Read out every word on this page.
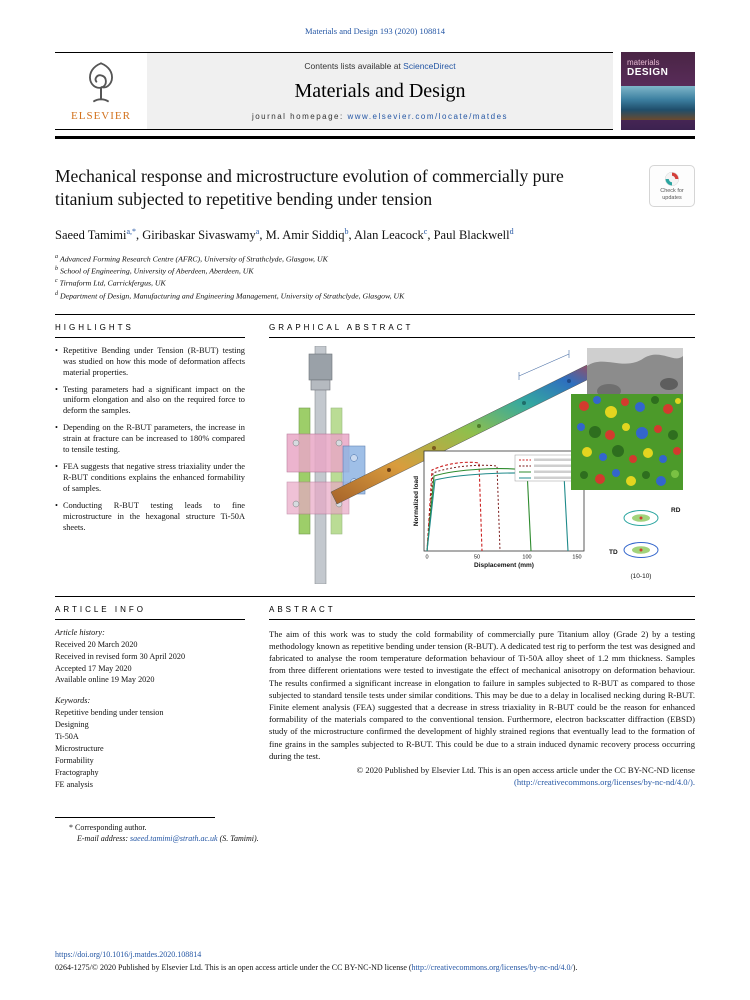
Materials and Design 193 (2020) 108814
ELSEVIER
Contents lists available at ScienceDirect
Materials and Design
journal homepage: www.elsevier.com/locate/matdes
materials
DESIGN
Mechanical response and microstructure evolution of commercially pure titanium subjected to repetitive bending under tension	Check for
updates
Saeed Tamimi$^{a,*}$, Giribaskar Sivaswamy$^a$, M. Amir Siddiq$^b$, Alan Leacock$^c$, Paul Blackwell$^d$
$^a$ Advanced Forming Research Centre (AFRC), University of Strathclyde, Glasgow, UK
$^b$ School of Engineering, University of Aberdeen, Aberdeen, UK
$^c$ Tirnaform Ltd, Carrickfergus, UK
$^d$ Department of Design, Manufacturing and Engineering Management, University of Strathclyde, Glasgow, UK
HIGHLIGHTS
• Repetitive Bending under Tension (R-BUT) testing was studied on how this mode of deformation affects material properties.
• Testing parameters had a significant impact on the uniform elongation and also on the required force to deform the samples.
• Depending on the R-BUT parameters, the increase in strain at fracture can be increased to 180% compared to tensile testing.
• FEA suggests that negative stress triaxiality under the R-BUT conditions explains the enhanced formability of samples.
• Conducting R-BUT testing leads to fine microstructure in the hexagonal structure Ti-50A sheets.
GRAPHICAL ABSTRACT
0	50	100	150
Displacement (mm)
Normalized load	RD
TD
(10-10)
ARTICLE INFO
Article history:
Received 20 March 2020
Received in revised form 30 April 2020
Accepted 17 May 2020
Available online 19 May 2020
Keywords:
Repetitive bending under tension
Designing
Ti-50A
Microstructure
Formability
Fractography
FE analysis
ABSTRACT

The aim of this work was to study the cold formability of commercially pure Titanium alloy (Grade 2) by a testing methodology known as repetitive bending under tension (R-BUT). A dedicated test rig to perform the test was designed and fabricated to analyse the room temperature deformation behaviour of Ti-50A alloy sheet of 1.2 mm thickness. Samples from three different orientations were tested to investigate the effect of mechanical anisotropy on deformation behaviour. The results confirmed a significant increase in elongation to failure in samples subjected to R-BUT as compared to those subjected to standard tensile tests under similar conditions. This may be due to a delay in localised necking during R-BUT. Finite element analysis (FEA) suggested that a decrease in stress triaxiality in R-BUT could be the reason for enhanced formability of the materials compared to the conventional tension. Furthermore, electron backscatter diffraction (EBSD) study of the microstructure confirmed the development of highly strained regions that eventually lead to the formation of fine grains in the samples subjected to R-BUT. This could be due to a strain induced dynamic recovery process occurring during the test.

© 2020 Published by Elsevier Ltd. This is an open access article under the CC BY-NC-ND license
(http://creativecommons.org/licenses/by-nc-nd/4.0/).
* Corresponding author.
E-mail address: saeed.tamimi@strath.ac.uk (S. Tamimi).
https://doi.org/10.1016/j.matdes.2020.108814
0264-1275/© 2020 Published by Elsevier Ltd. This is an open access article under the CC BY-NC-ND license (http://creativecommons.org/licenses/by-nc-nd/4.0/).
